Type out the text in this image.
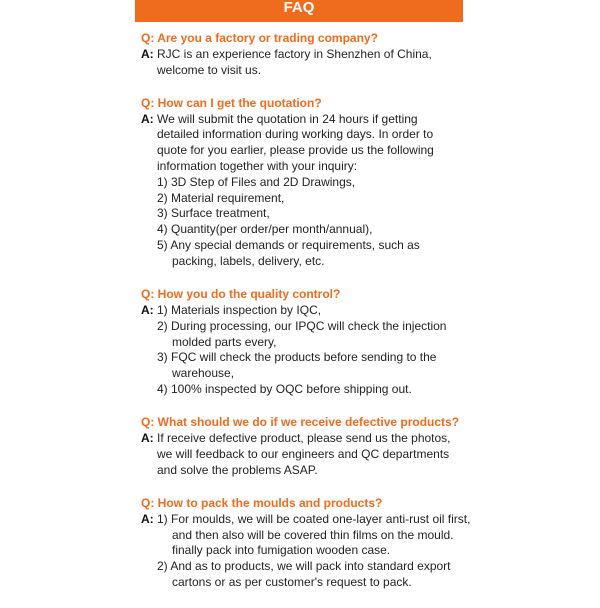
FAQ
Q: Are you a factory or trading company?
A: RJC is an experience factory in Shenzhen of China,
welcome to visit us.
Q: How can I get the quotation?
A: We will submit the quotation in 24 hours if getting
detailed information during working days. In order to
quote for you earlier, please provide us the following
information together with your inquiry:
1) 3D Step of Files and 2D Drawings,
2) Material requirement,
3) Surface treatment,
4) Quantity(per order/per month/annual),
5) Any special demands or requirements, such as packing, labels, delivery, etc.
Q: How you do the quality control?
A: 1) Materials inspection by IQC,
2) During processing, our IPQC will check the injection molded parts every,
3) FQC will check the products before sending to the warehouse,
4) 100% inspected by OQC before shipping out.
Q: What should we do if we receive defective products?
A: If receive defective product, please send us the photos,
we will feedback to our engineers and QC departments
and solve the problems ASAP.
Q: How to pack the moulds and products?
A: 1) For moulds, we will be coated one-layer anti-rust oil first, and then also will be covered thin films on the mould. finally pack into fumigation wooden case.
2) And as to products, we will pack into standard export cartons or as per customer's request to pack.
